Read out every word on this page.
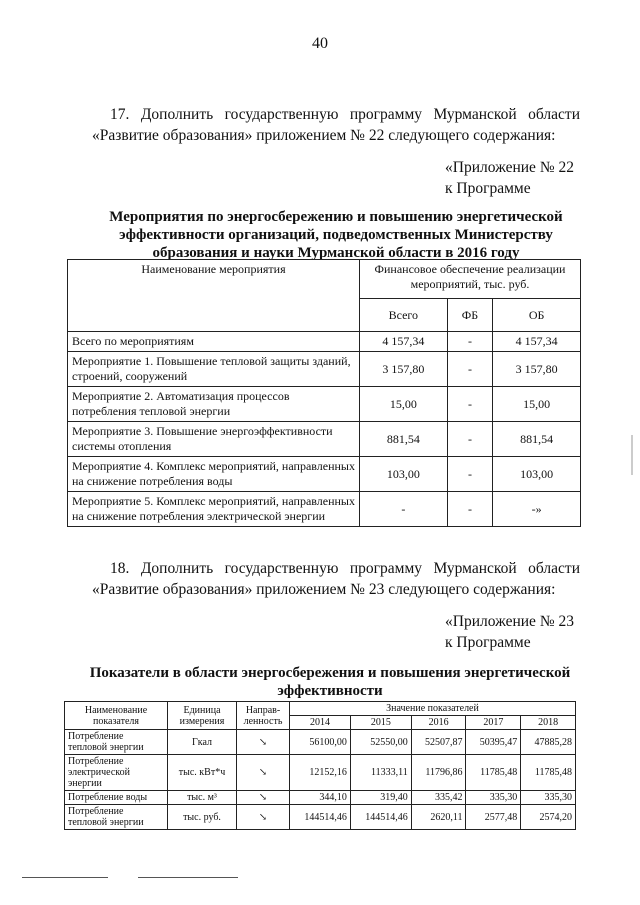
40
17. Дополнить государственную программу Мурманской области
«Развитие образования» приложением № 22 следующего содержания:
«Приложение № 22
к Программе
Мероприятия по энергосбережению и повышению энергетической эффективности организаций, подведомственных Министерству образования и науки Мурманской области в 2016 году
Наименование мероприятия	Финансовое обеспечение реализации мероприятий, тыс. руб.		
	Всего	ФБ	ОБ
Всего по мероприятиям	4 157,34	-	4 157,34
Мероприятие 1. Повышение тепловой защиты зданий, строений, сооружений	3 157,80	-	3 157,80
Мероприятие 2. Автоматизация процессов потребления тепловой энергии	15,00	-	15,00
Мероприятие 3. Повышение энергоэффективности системы отопления	881,54	-	881,54
Мероприятие 4. Комплекс мероприятий, направленных на снижение потребления воды	103,00	-	103,00
Мероприятие 5. Комплекс мероприятий, направленных на снижение потребления электрической энергии	-	-	-»
18. Дополнить государственную программу Мурманской области
«Развитие образования» приложением № 23 следующего содержания:
«Приложение № 23
к Программе
Показатели в области энергосбережения и повышения энергетической эффективности
Наименование показателя	Единица измерения	Направ-ленность	Значение показателей				
			2014	2015	2016	2017	2018
Потребление тепловой энергии	Гкал	↘	56100,00	52550,00	52507,87	50395,47	47885,28
Потребление электрической энергии	тыс. кВт*ч	↘	12152,16	11333,11	11796,86	11785,48	11785,48
Потребление воды	тыс. м³	↘	344,10	319,40	335,42	335,30	335,30
Потребление тепловой энергии	тыс. руб.	↘	144514,46	144514,46	2620,11	2577,48	2574,20
